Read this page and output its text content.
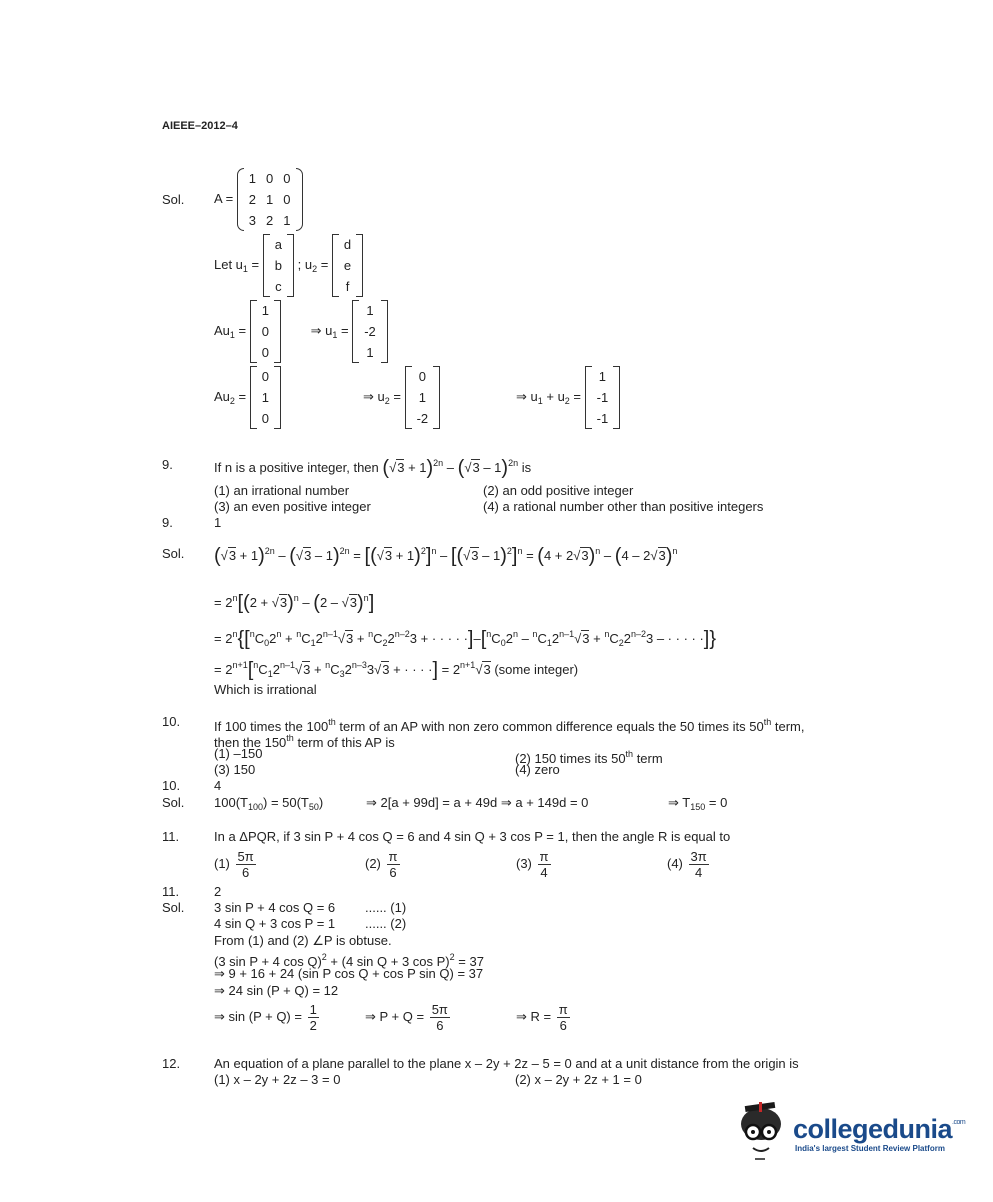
AIEEE–2012–4
Sol. A =
1	0	0
2	1	0
3	2	1
Let $u_1$ =
a
b
c
; $u_2$ =
d
e
f
$Au_1$ =
1
0
0
⇒ $u_1$ =
1
-2
1
$Au_2$ =
0
1
0
⇒ $u_2$ =
0
1
-2
⇒ $u_1 + u_2$ =
1
-1
-1
9.	If n is a positive integer, then $(√3 + 1)^{2n} - (√3 - 1)^{2n}$ is
(1) an irrational number	(2) an odd positive integer
(3) an even positive integer	(4) a rational number other than positive integers
9.	1
Sol. $(√3 + 1)^{2n} - (√3 - 1)^{2n} = [(√3 + 1)^2]^n - [(√3 - 1)^2]^n = (4 + 2√3)^n - (4 - 2√3)^n$
= $2^n[(2 + √3)^n - (2 - √3)^n]$
= $2^n\{[^nC_02^n + ^nC_12^{n-1}√3 + ^nC_22^{n-2}3$ + · · · · $\cdot]-[^nC_02^n - ^nC_12^{n-1}√3 + ^nC_22^{n-2}3$ – · · · · ·]}
= $2^{n+1}[^nC_12^{n-1}√3 + ^nC_32^{n-3}3√3$ + · · · ·] = $2^{n+1}√3$ (some integer)
Which is irrational
10.	If 100 times the 100th term of an AP with non zero common difference equals the 50 times its 50th term,
then the 150th term of this AP is
(1) –150	(2) 150 times its 50th term
(3) 150	(4) zero
10.	4
Sol. $100(T_{100}) = 50(T_{50})$	⇒ 2[a + 99d] = a + 49d ⇒ a + 149d = 0	⇒ $T_{150} = 0$
11.	In a ΔPQR, if 3 sin P + 4 cos Q = 6 and 4 sin Q + 3 cos P = 1, then the angle R is equal to
$(1) \frac{5\pi}{6}$	$(2) \frac{\pi}{6}$	$(3) \frac{\pi}{4}$	$(4) \frac{3\pi}{4}$
11.	2
Sol. 3 sin P + 4 cos Q = 6 ...... (1)
4 sin Q + 3 cos P = 1 ...... (2)
From (1) and (2) ∠P is obtuse.
(3 sin P + 4 cos Q)$^2$ + (4 sin Q + 3 cos P)$^2$ = 37
⇒ 9 + 16 + 24 (sin P cos Q + cos P sin Q) = 37
⇒ 24 sin (P + Q) = 12
⇒ $\sin (P + Q) = \frac{1}{2}$	⇒ $P + Q = \frac{5\pi}{6}$	⇒ $R = \frac{\pi}{6}$
12.	An equation of a plane parallel to the plane x – 2y + 2z – 5 = 0 and at a unit distance from the origin is
(1) x – 2y + 2z – 3 = 0	(2) x – 2y + 2z + 1 = 0
collegedunia$^{.com}$
India's largest Student Review Platform
